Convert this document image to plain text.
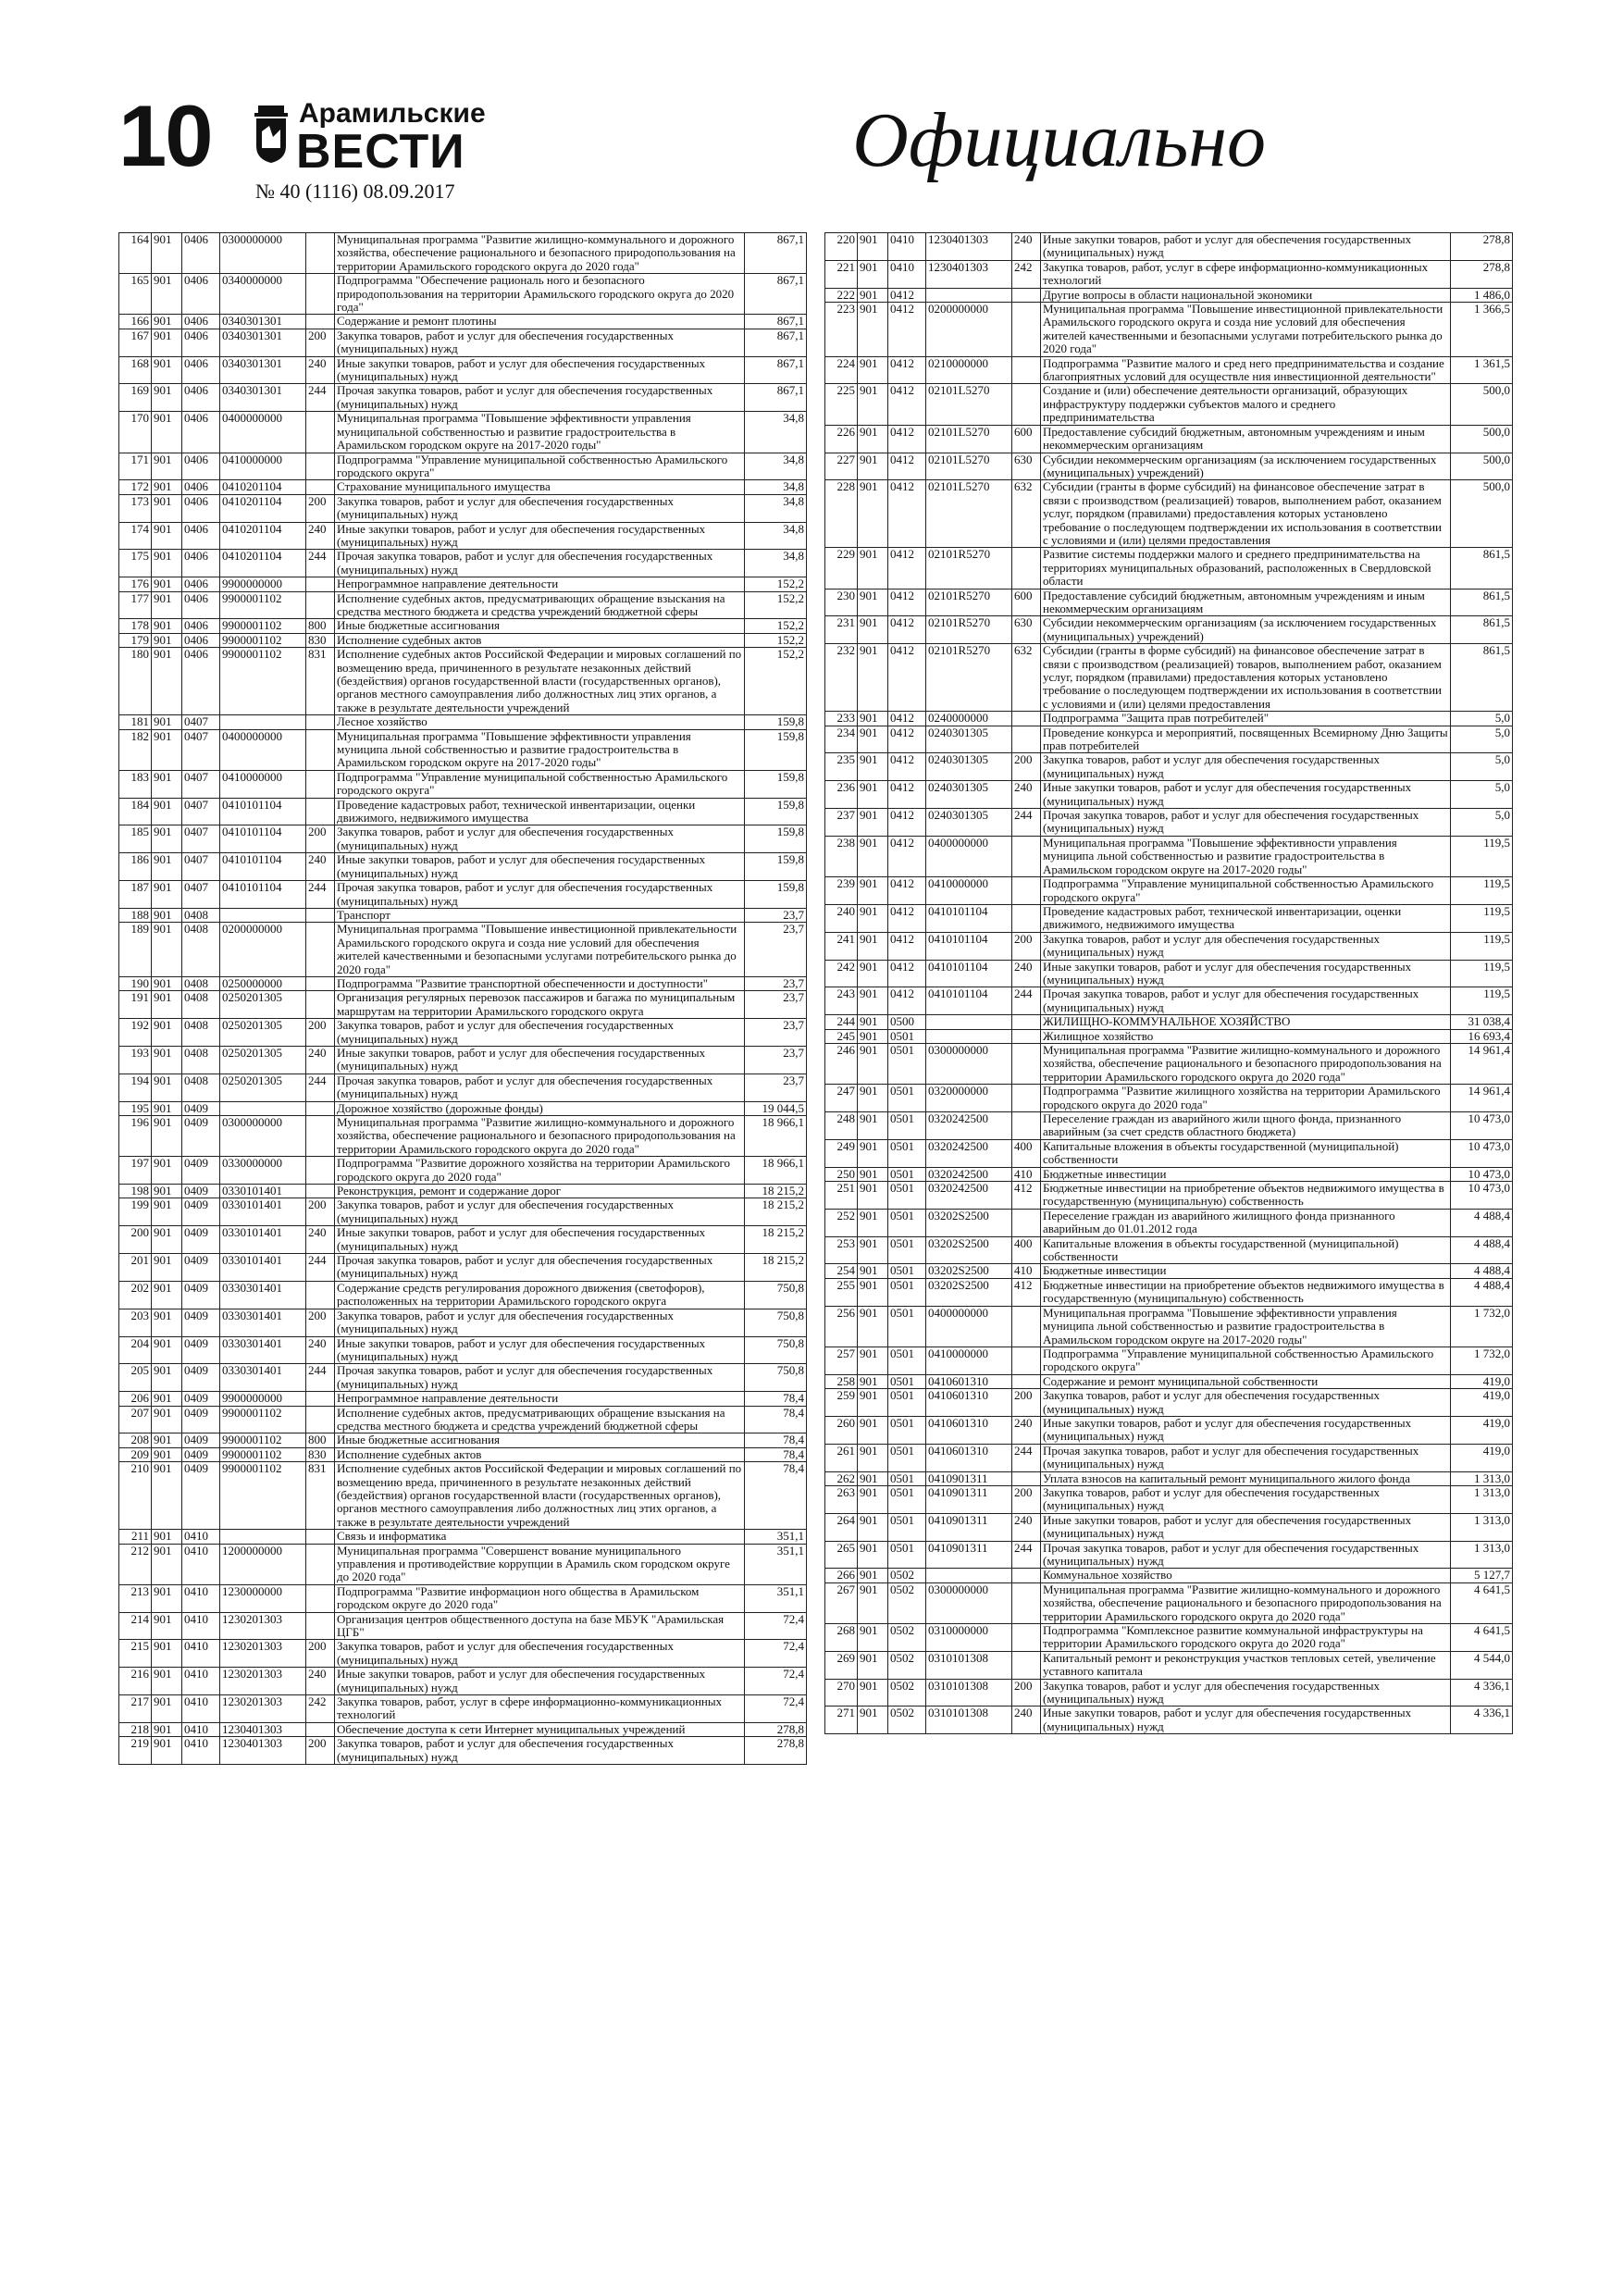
10	Арамильские
ВЕСТИ
№ 40 (1116) 08.09.2017
Официально
164	901	0406	0300000000		Муниципальная программа "Развитие жилищно-коммунального и дорожного хозяйства, обеспечение рационального и безопасного природопользования на территории Арамильского городского округа до 2020 года"	867,1
165	901	0406	0340000000		Подпрограмма "Обеспечение рациональ ного и безопасного природопользования на территории Арамильского городского округа до 2020 года"	867,1
166	901	0406	0340301301		Содержание и ремонт плотины	867,1
167	901	0406	0340301301	200	Закупка товаров, работ и услуг для обеспечения государственных (муниципальных) нужд	867,1
168	901	0406	0340301301	240	Иные закупки товаров, работ и услуг для обеспечения государственных (муниципальных) нужд	867,1
169	901	0406	0340301301	244	Прочая закупка товаров, работ и услуг для обеспечения государственных (муниципальных) нужд	867,1
170	901	0406	0400000000		Муниципальная программа "Повышение эффективности управления муниципальной собственностью и развитие градостроительства в Арамильском городском округе на 2017-2020 годы"	34,8
171	901	0406	0410000000		Подпрограмма "Управление муниципальной собственностью Арамильского городского округа"	34,8
172	901	0406	0410201104		Страхование муниципального имущества	34,8
173	901	0406	0410201104	200	Закупка товаров, работ и услуг для обеспечения государственных (муниципальных) нужд	34,8
174	901	0406	0410201104	240	Иные закупки товаров, работ и услуг для обеспечения государственных (муниципальных) нужд	34,8
175	901	0406	0410201104	244	Прочая закупка товаров, работ и услуг для обеспечения государственных (муниципальных) нужд	34,8
176	901	0406	9900000000		Непрограммное направление деятельности	152,2
177	901	0406	9900001102		Исполнение судебных актов, предусматривающих обращение взыскания на средства местного бюджета и средства учреждений бюджетной сферы	152,2
178	901	0406	9900001102	800	Иные бюджетные ассигнования	152,2
179	901	0406	9900001102	830	Исполнение судебных актов	152,2
180	901	0406	9900001102	831	Исполнение судебных актов Российской Федерации и мировых соглашений по возмещению вреда, причиненного в результате незаконных действий (бездействия) органов государственной власти (государственных органов), органов местного самоуправления либо должностных лиц этих органов, а также в результате деятельности учреждений	152,2
181	901	0407			Лесное хозяйство	159,8
182	901	0407	0400000000		Муниципальная программа "Повышение эффективности управления муниципа льной собственностью и развитие градостроительства в Арамильском городском округе на 2017-2020 годы"	159,8
183	901	0407	0410000000		Подпрограмма "Управление муниципальной собственностью Арамильского городского округа"	159,8
184	901	0407	0410101104		Проведение кадастровых работ, технической инвентаризации, оценки движимого, недвижимого имущества	159,8
185	901	0407	0410101104	200	Закупка товаров, работ и услуг для обеспечения государственных (муниципальных) нужд	159,8
186	901	0407	0410101104	240	Иные закупки товаров, работ и услуг для обеспечения государственных (муниципальных) нужд	159,8
187	901	0407	0410101104	244	Прочая закупка товаров, работ и услуг для обеспечения государственных (муниципальных) нужд	159,8
188	901	0408			Транспорт	23,7
189	901	0408	0200000000		Муниципальная программа "Повышение инвестиционной привлекательности Арамильского городского округа и созда ние условий для обеспечения жителей качественными и безопасными услугами потребительского рынка до 2020 года"	23,7
190	901	0408	0250000000		Подпрограмма "Развитие транспортной обеспеченности и доступности"	23,7
191	901	0408	0250201305		Организация регулярных перевозок пассажиров и багажа по муниципальным маршрутам на территории Арамильского городского округа	23,7
192	901	0408	0250201305	200	Закупка товаров, работ и услуг для обеспечения государственных (муниципальных) нужд	23,7
193	901	0408	0250201305	240	Иные закупки товаров, работ и услуг для обеспечения государственных (муниципальных) нужд	23,7
194	901	0408	0250201305	244	Прочая закупка товаров, работ и услуг для обеспечения государственных (муниципальных) нужд	23,7
195	901	0409			Дорожное хозяйство (дорожные фонды)	19 044,5
196	901	0409	0300000000		Муниципальная программа "Развитие жилищно-коммунального и дорожного хозяйства, обеспечение рационального и безопасного природопользования на территории Арамильского городского округа до 2020 года"	18 966,1
197	901	0409	0330000000		Подпрограмма "Развитие дорожного хозяйства на территории Арамильского городского округа до 2020 года"	18 966,1
198	901	0409	0330101401		Реконструкция, ремонт и содержание дорог	18 215,2
199	901	0409	0330101401	200	Закупка товаров, работ и услуг для обеспечения государственных (муниципальных) нужд	18 215,2
200	901	0409	0330101401	240	Иные закупки товаров, работ и услуг для обеспечения государственных (муниципальных) нужд	18 215,2
201	901	0409	0330101401	244	Прочая закупка товаров, работ и услуг для обеспечения государственных (муниципальных) нужд	18 215,2
202	901	0409	0330301401		Содержание средств регулирования дорожного движения (светофоров), расположенных на территории Арамильского городского округа	750,8
203	901	0409	0330301401	200	Закупка товаров, работ и услуг для обеспечения государственных (муниципальных) нужд	750,8
204	901	0409	0330301401	240	Иные закупки товаров, работ и услуг для обеспечения государственных (муниципальных) нужд	750,8
205	901	0409	0330301401	244	Прочая закупка товаров, работ и услуг для обеспечения государственных (муниципальных) нужд	750,8
206	901	0409	9900000000		Непрограммное направление деятельности	78,4
207	901	0409	9900001102		Исполнение судебных актов, предусматривающих обращение взыскания на средства местного бюджета и средства учреждений бюджетной сферы	78,4
208	901	0409	9900001102	800	Иные бюджетные ассигнования	78,4
209	901	0409	9900001102	830	Исполнение судебных актов	78,4
210	901	0409	9900001102	831	Исполнение судебных актов Российской Федерации и мировых соглашений по возмещению вреда, причиненного в результате незаконных действий (бездействия) органов государственной власти (государственных органов), органов местного самоуправления либо должностных лиц этих органов, а также в результате деятельности учреждений	78,4
211	901	0410			Связь и информатика	351,1
212	901	0410	1200000000		Муниципальная программа "Совершенст вование муниципального управления и противодействие коррупции в Арамиль ском городском округе до 2020 года"	351,1
213	901	0410	1230000000		Подпрограмма "Развитие информацион ного общества в Арамильском городском округе до 2020 года"	351,1
214	901	0410	1230201303		Организация центров общественного доступа на базе МБУК "Арамильская ЦГБ"	72,4
215	901	0410	1230201303	200	Закупка товаров, работ и услуг для обеспечения государственных (муниципальных) нужд	72,4
216	901	0410	1230201303	240	Иные закупки товаров, работ и услуг для обеспечения государственных (муниципальных) нужд	72,4
217	901	0410	1230201303	242	Закупка товаров, работ, услуг в сфере информационно-коммуникационных технологий	72,4
218	901	0410	1230401303		Обеспечение доступа к сети Интернет муниципальных учреждений	278,8
219	901	0410	1230401303	200	Закупка товаров, работ и услуг для обеспечения государственных (муниципальных) нужд	278,8
220	901	0410	1230401303	240	Иные закупки товаров, работ и услуг для обеспечения государственных (муниципальных) нужд	278,8
221	901	0410	1230401303	242	Закупка товаров, работ, услуг в сфере информационно-коммуникационных технологий	278,8
222	901	0412			Другие вопросы в области национальной экономики	1 486,0
223	901	0412	0200000000		Муниципальная программа "Повышение инвестиционной привлекательности Арамильского городского округа и созда ние условий для обеспечения жителей качественными и безопасными услугами потребительского рынка до 2020 года"	1 366,5
224	901	0412	0210000000		Подпрограмма "Развитие малого и сред него предпринимательства и создание благоприятных условий для осуществле ния инвестиционной деятельности"	1 361,5
225	901	0412	02101L5270		Создание и (или) обеспечение деятельности организаций, образующих инфраструктуру поддержки субъектов малого и среднего предпринимательства	500,0
226	901	0412	02101L5270	600	Предоставление субсидий бюджетным, автономным учреждениям и иным некоммерческим организациям	500,0
227	901	0412	02101L5270	630	Субсидии некоммерческим организациям (за исключением государственных (муниципальных) учреждений)	500,0
228	901	0412	02101L5270	632	Субсидии (гранты в форме субсидий) на финансовое обеспечение затрат в связи с производством (реализацией) товаров, выполнением работ, оказанием услуг, порядком (правилами) предоставления которых установлено требование о последующем подтверждении их использования в соответствии с условиями и (или) целями предоставления	500,0
229	901	0412	02101R5270		Развитие системы поддержки малого и среднего предпринимательства на территориях муниципальных образований, расположенных в Свердловской области	861,5
230	901	0412	02101R5270	600	Предоставление субсидий бюджетным, автономным учреждениям и иным некоммерческим организациям	861,5
231	901	0412	02101R5270	630	Субсидии некоммерческим организациям (за исключением государственных (муниципальных) учреждений)	861,5
232	901	0412	02101R5270	632	Субсидии (гранты в форме субсидий) на финансовое обеспечение затрат в связи с производством (реализацией) товаров, выполнением работ, оказанием услуг, порядком (правилами) предоставления которых установлено требование о последующем подтверждении их использования в соответствии с условиями и (или) целями предоставления	861,5
233	901	0412	0240000000		Подпрограмма "Защита прав потребителей"	5,0
234	901	0412	0240301305		Проведение конкурса и мероприятий, посвященных Всемирному Дню Защиты прав потребителей	5,0
235	901	0412	0240301305	200	Закупка товаров, работ и услуг для обеспечения государственных (муниципальных) нужд	5,0
236	901	0412	0240301305	240	Иные закупки товаров, работ и услуг для обеспечения государственных (муниципальных) нужд	5,0
237	901	0412	0240301305	244	Прочая закупка товаров, работ и услуг для обеспечения государственных (муниципальных) нужд	5,0
238	901	0412	0400000000		Муниципальная программа "Повышение эффективности управления муниципа льной собственностью и развитие градостроительства в Арамильском городском округе на 2017-2020 годы"	119,5
239	901	0412	0410000000		Подпрограмма "Управление муниципальной собственностью Арамильского городского округа"	119,5
240	901	0412	0410101104		Проведение кадастровых работ, технической инвентаризации, оценки движимого, недвижимого имущества	119,5
241	901	0412	0410101104	200	Закупка товаров, работ и услуг для обеспечения государственных (муниципальных) нужд	119,5
242	901	0412	0410101104	240	Иные закупки товаров, работ и услуг для обеспечения государственных (муниципальных) нужд	119,5
243	901	0412	0410101104	244	Прочая закупка товаров, работ и услуг для обеспечения государственных (муниципальных) нужд	119,5
244	901	0500			ЖИЛИЩНО-КОММУНАЛЬНОЕ ХОЗЯЙСТВО	31 038,4
245	901	0501			Жилищное хозяйство	16 693,4
246	901	0501	0300000000		Муниципальная программа "Развитие жилищно-коммунального и дорожного хозяйства, обеспечение рационального и безопасного природопользования на территории Арамильского городского округа до 2020 года"	14 961,4
247	901	0501	0320000000		Подпрограмма "Развитие жилищного хозяйства на территории Арамильского городского округа до 2020 года"	14 961,4
248	901	0501	0320242500		Переселение граждан из аварийного жили щного фонда, признанного аварийным (за счет средств областного бюджета)	10 473,0
249	901	0501	0320242500	400	Капитальные вложения в объекты государственной (муниципальной) собственности	10 473,0
250	901	0501	0320242500	410	Бюджетные инвестиции	10 473,0
251	901	0501	0320242500	412	Бюджетные инвестиции на приобретение объектов недвижимого имущества в государственную (муниципальную) собственность	10 473,0
252	901	0501	03202S2500		Переселение граждан из аварийного жилищного фонда признанного аварийным до 01.01.2012 года	4 488,4
253	901	0501	03202S2500	400	Капитальные вложения в объекты государственной (муниципальной) собственности	4 488,4
254	901	0501	03202S2500	410	Бюджетные инвестиции	4 488,4
255	901	0501	03202S2500	412	Бюджетные инвестиции на приобретение объектов недвижимого имущества в государственную (муниципальную) собственность	4 488,4
256	901	0501	0400000000		Муниципальная программа "Повышение эффективности управления муниципа льной собственностью и развитие градостроительства в Арамильском городском округе на 2017-2020 годы"	1 732,0
257	901	0501	0410000000		Подпрограмма "Управление муниципальной собственностью Арамильского городского округа"	1 732,0
258	901	0501	0410601310		Содержание и ремонт муниципальной собственности	419,0
259	901	0501	0410601310	200	Закупка товаров, работ и услуг для обеспечения государственных (муниципальных) нужд	419,0
260	901	0501	0410601310	240	Иные закупки товаров, работ и услуг для обеспечения государственных (муниципальных) нужд	419,0
261	901	0501	0410601310	244	Прочая закупка товаров, работ и услуг для обеспечения государственных (муниципальных) нужд	419,0
262	901	0501	0410901311		Уплата взносов на капитальный ремонт муниципального жилого фонда	1 313,0
263	901	0501	0410901311	200	Закупка товаров, работ и услуг для обеспечения государственных (муниципальных) нужд	1 313,0
264	901	0501	0410901311	240	Иные закупки товаров, работ и услуг для обеспечения государственных (муниципальных) нужд	1 313,0
265	901	0501	0410901311	244	Прочая закупка товаров, работ и услуг для обеспечения государственных (муниципальных) нужд	1 313,0
266	901	0502			Коммунальное хозяйство	5 127,7
267	901	0502	0300000000		Муниципальная программа "Развитие жилищно-коммунального и дорожного хозяйства, обеспечение рационального и безопасного природопользования на территории Арамильского городского округа до 2020 года"	4 641,5
268	901	0502	0310000000		Подпрограмма "Комплексное развитие коммунальной инфраструктуры на территории Арамильского городского округа до 2020 года"	4 641,5
269	901	0502	0310101308		Капитальный ремонт и реконструкция участков тепловых сетей, увеличение уставного капитала	4 544,0
270	901	0502	0310101308	200	Закупка товаров, работ и услуг для обеспечения государственных (муниципальных) нужд	4 336,1
271	901	0502	0310101308	240	Иные закупки товаров, работ и услуг для обеспечения государственных (муниципальных) нужд	4 336,1
